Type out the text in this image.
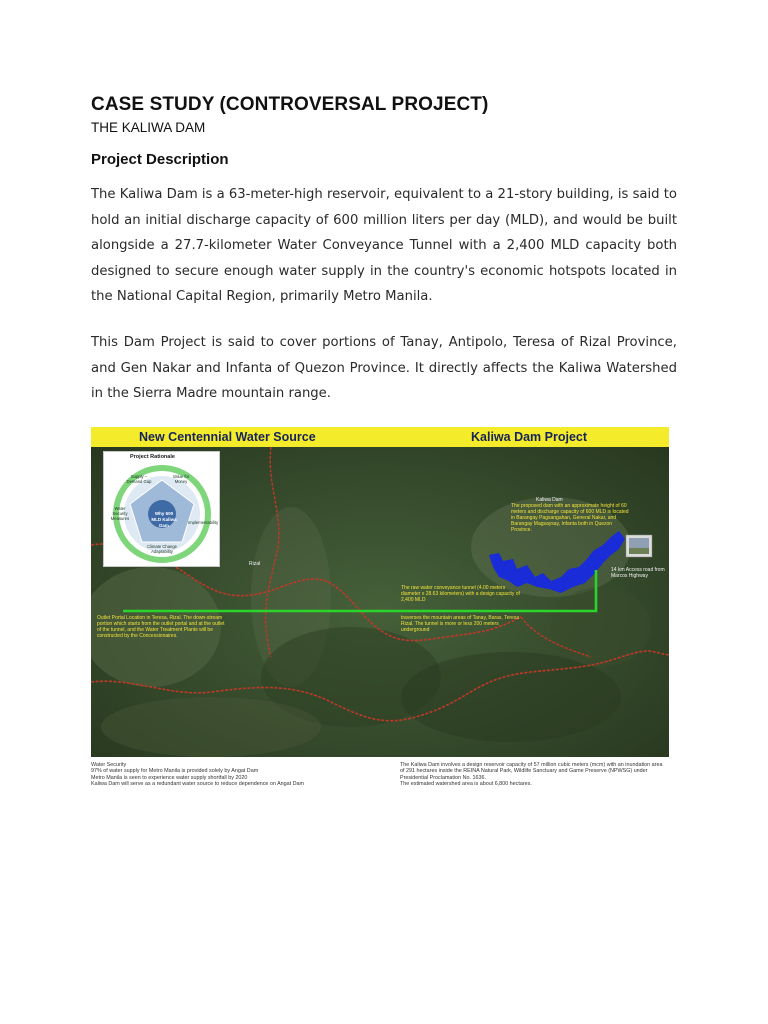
CASE STUDY (CONTROVERSAL PROJECT)
THE KALIWA DAM
Project Description
The Kaliwa Dam is a 63-meter-high reservoir, equivalent to a 21-story building, is said to hold an initial discharge capacity of 600 million liters per day (MLD), and would be built alongside a 27.7-kilometer Water Conveyance Tunnel with a 2,400 MLD capacity both designed to secure enough water supply in the country's economic hotspots located in the National Capital Region, primarily Metro Manila.
This Dam Project is said to cover portions of Tanay, Antipolo, Teresa of Rizal Province, and Gen Nakar and Infanta of Quezon Province. It directly affects the Kaliwa Watershed in the Sierra Madre mountain range.
New Centennial Water Source	Kaliwa Dam Project
Project Rationale
Why 600 MLD Kaliwa Dam
Supply – Demand Gap
Value for Money
Water Security Measures
Implementability
Climate Change Adaptability
Kaliwa Dam
The proposed dam with an approximate height of 60 meters and discharge capacity of 600 MLD is located in Barangay Pagsangahan, General Nakar, and Barangay Magsaysay, Infanta both in Quezon Province.
14 km Access road from Marcos Highway
Rizal
The raw water conveyance tunnel (4.00 meters diameter x 28.63 kilometers) with a design capacity of 2,400 MLD
traverses the mountain areas of Tanay, Baras, Teresa Rizal. The tunnel is more or less 200 meters underground
Outlet Portal Location in Teresa, Rizal. The down-stream portion which starts from the outlet portal and at the outlet of the tunnel, and the Water Treatment Plants will be constructed by the Concessionaires.
Water Security
97% of water supply for Metro Manila is provided solely by Angat Dam
Metro Manila is seen to experience water supply shortfall by 2020
Kaliwa Dam will serve as a redundant water source to reduce dependence on Angat Dam
The Kaliwa Dam involves a design reservoir capacity of 57 million cubic meters (mcm) with an inundation area of 291 hectares inside the REINA Natural Park, Wildlife Sanctuary and Game Preserve (NPWSG) under Presidential Proclamation No. 1636.
The estimated watershed area is about 6,800 hectares.
